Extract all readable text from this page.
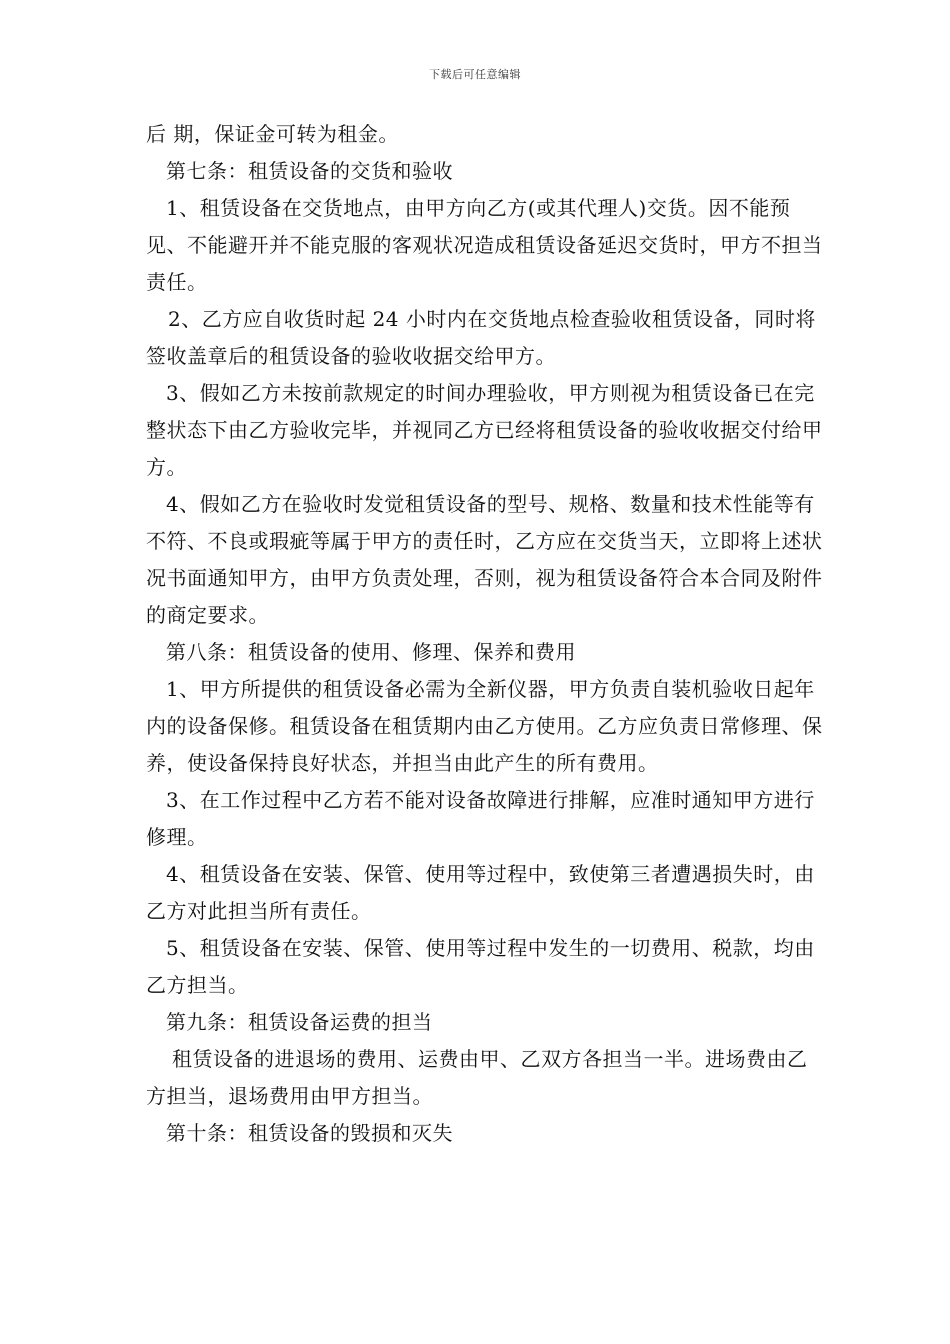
下载后可任意编辑

后 期，保证金可转为租金。

第七条：租赁设备的交货和验收

1、租赁设备在交货地点，由甲方向乙方(或其代理人)交货。因不能预见、不能避开并不能克服的客观状况造成租赁设备延迟交货时，甲方不担当责任。

2、乙方应自收货时起 24 小时内在交货地点检查验收租赁设备，同时将签收盖章后的租赁设备的验收收据交给甲方。

3、假如乙方未按前款规定的时间办理验收，甲方则视为租赁设备已在完整状态下由乙方验收完毕，并视同乙方已经将租赁设备的验收收据交付给甲方。

4、假如乙方在验收时发觉租赁设备的型号、规格、数量和技术性能等有不符、不良或瑕疵等属于甲方的责任时，乙方应在交货当天，立即将上述状况书面通知甲方，由甲方负责处理，否则，视为租赁设备符合本合同及附件的商定要求。

第八条：租赁设备的使用、修理、保养和费用

1、甲方所提供的租赁设备必需为全新仪器，甲方负责自装机验收日起年内的设备保修。租赁设备在租赁期内由乙方使用。乙方应负责日常修理、保养，使设备保持良好状态，并担当由此产生的所有费用。

3、在工作过程中乙方若不能对设备故障进行排解，应准时通知甲方进行修理。

4、租赁设备在安装、保管、使用等过程中，致使第三者遭遇损失时，由乙方对此担当所有责任。

5、租赁设备在安装、保管、使用等过程中发生的一切费用、税款，均由乙方担当。

第九条：租赁设备运费的担当

租赁设备的进退场的费用、运费由甲、乙双方各担当一半。进场费由乙方担当，退场费用由甲方担当。

第十条：租赁设备的毁损和灭失
